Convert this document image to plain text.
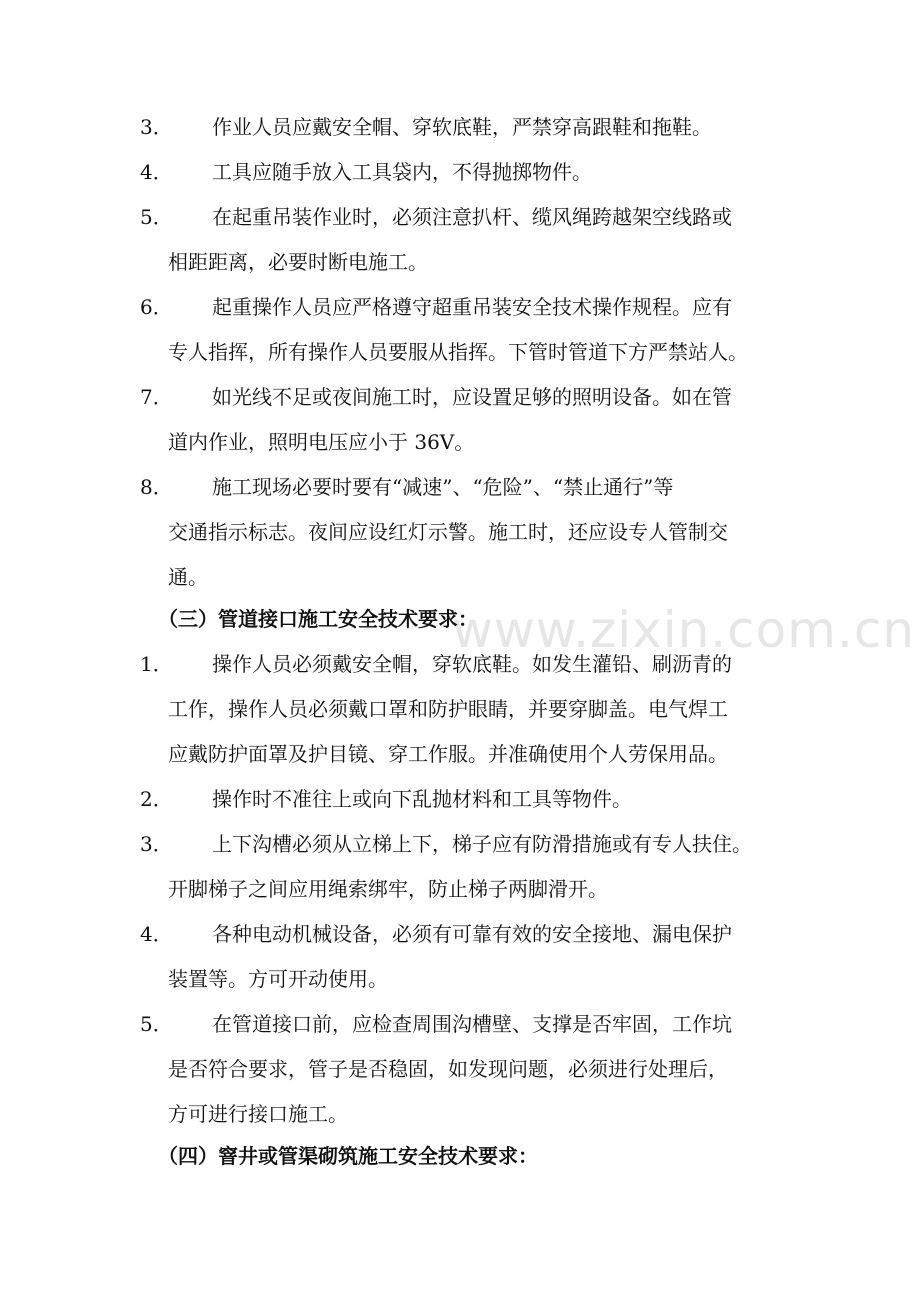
www.zixin.com.cn
3． 作业人员应戴安全帽、穿软底鞋，严禁穿高跟鞋和拖鞋。
4． 工具应随手放入工具袋内，不得抛掷物件。
5． 在起重吊装作业时，必须注意扒杆、缆风绳跨越架空线路或
相距距离，必要时断电施工。
6． 起重操作人员应严格遵守超重吊装安全技术操作规程。应有
专人指挥，所有操作人员要服从指挥。下管时管道下方严禁站人。
7． 如光线不足或夜间施工时，应设置足够的照明设备。如在管
道内作业，照明电压应小于 36V。
8． 施工现场必要时要有“减速”、“危险”、“禁止通行”等
交通指示标志。夜间应设红灯示警。施工时，还应设专人管制交
通。
（三）管道接口施工安全技术要求：
1． 操作人员必须戴安全帽，穿软底鞋。如发生灌铅、刷沥青的
工作，操作人员必须戴口罩和防护眼睛，并要穿脚盖。电气焊工
应戴防护面罩及护目镜、穿工作服。并准确使用个人劳保用品。
2． 操作时不准往上或向下乱抛材料和工具等物件。
3． 上下沟槽必须从立梯上下，梯子应有防滑措施或有专人扶住。
开脚梯子之间应用绳索绑牢，防止梯子两脚滑开。
4． 各种电动机械设备，必须有可靠有效的安全接地、漏电保护
装置等。方可开动使用。
5． 在管道接口前，应检查周围沟槽壁、支撑是否牢固，工作坑
是否符合要求，管子是否稳固，如发现问题，必须进行处理后，
方可进行接口施工。
（四）窨井或管渠砌筑施工安全技术要求：
